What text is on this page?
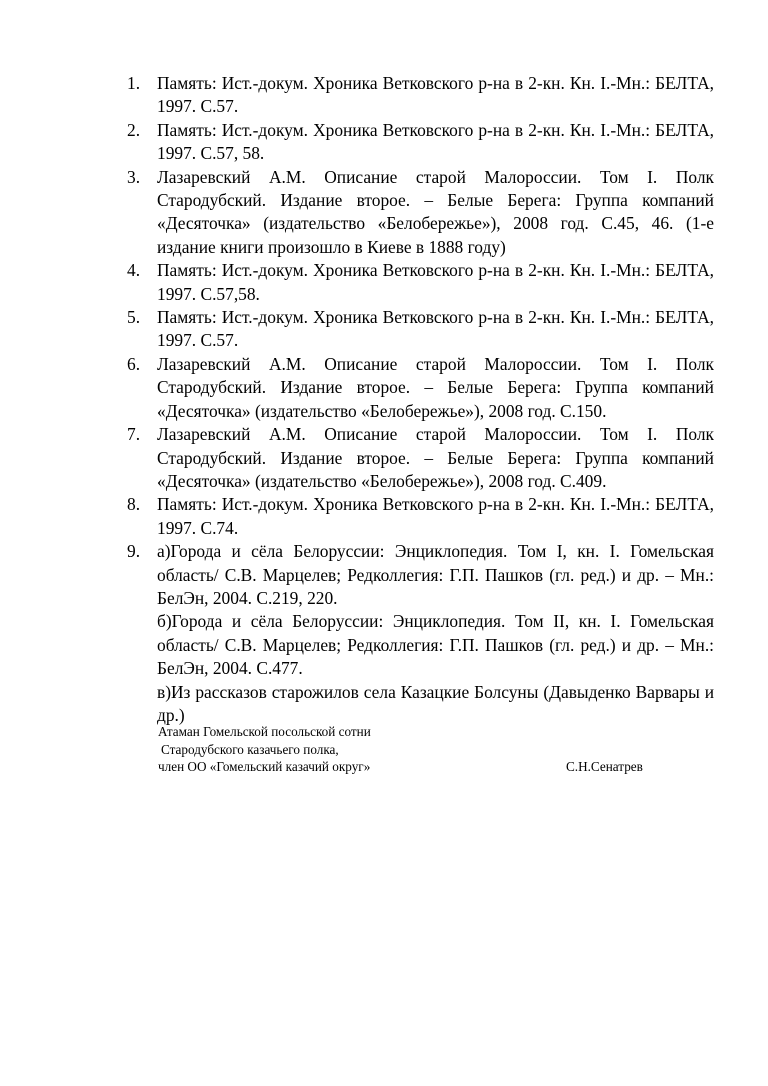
1. Память: Ист.-докум. Хроника Ветковского р-на в 2-кн. Кн. I.-Мн.: БЕЛТА, 1997. С.57.
2. Память: Ист.-докум. Хроника Ветковского р-на в 2-кн. Кн. I.-Мн.: БЕЛТА, 1997. С.57, 58.
3. Лазаревский А.М. Описание старой Малороссии. Том I. Полк Стародубский. Издание второе. – Белые Берега: Группа компаний «Десяточка» (издательство «Белобережье»), 2008 год. С.45, 46. (1-е издание книги произошло в Киеве в 1888 году)
4. Память: Ист.-докум. Хроника Ветковского р-на в 2-кн. Кн. I.-Мн.: БЕЛТА, 1997. С.57,58.
5. Память: Ист.-докум. Хроника Ветковского р-на в 2-кн. Кн. I.-Мн.: БЕЛТА, 1997. С.57.
6. Лазаревский А.М. Описание старой Малороссии. Том I. Полк Стародубский. Издание второе. – Белые Берега: Группа компаний «Десяточка» (издательство «Белобережье»), 2008 год. С.150.
7. Лазаревский А.М. Описание старой Малороссии. Том I. Полк Стародубский. Издание второе. – Белые Берега: Группа компаний «Десяточка» (издательство «Белобережье»), 2008 год. С.409.
8. Память: Ист.-докум. Хроника Ветковского р-на в 2-кн. Кн. I.-Мн.: БЕЛТА, 1997. С.74.
9. а)Города и сёла Белоруссии: Энциклопедия. Том I, кн. I. Гомельская область/ С.В. Марцелев; Редколлегия: Г.П. Пашков (гл. ред.) и др. – Мн.: БелЭн, 2004. С.219, 220.
б)Города и сёла Белоруссии: Энциклопедия. Том II, кн. I. Гомельская область/ С.В. Марцелев; Редколлегия: Г.П. Пашков (гл. ред.) и др. – Мн.: БелЭн, 2004. С.477.
в)Из рассказов старожилов села Казацкие Болсуны (Давыденко Варвары и др.)
Атаман Гомельской посольской сотни
Стародубского казачьего полка,
член ОО «Гомельский казачий округ»	С.Н.Сенатрев
